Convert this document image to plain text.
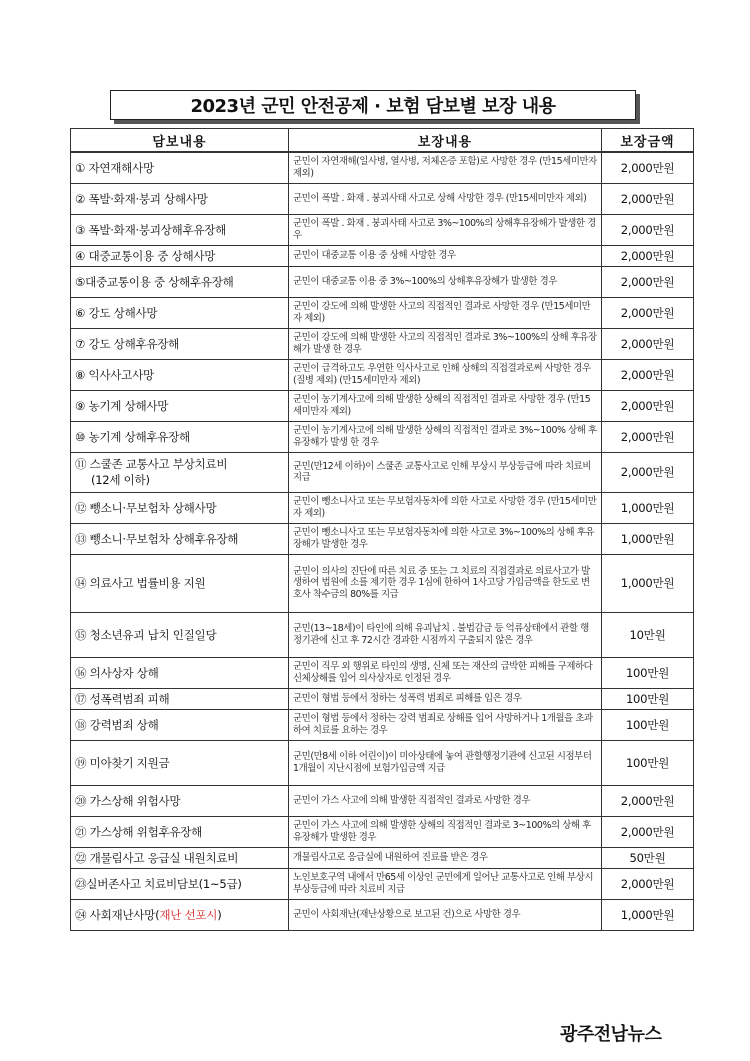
2023년 군민 안전공제 · 보험 담보별 보장 내용
담보내용	보장내용	보장금액
① 자연재해사망	군민이 자연재해(일사병, 열사병, 저체온증 포함)로 사망한 경우 (만15세미만자 제외)	2,000만원
② 폭발·화재·붕괴 상해사망	군민이 폭발 . 화재 . 붕괴사태 사고로 상해 사망한 경우 (만15세미만자 제외)	2,000만원
③ 폭발·화재·붕괴상해후유장해	군민이 폭발 . 화재 . 붕괴사태 사고로 3%~100%의 상해후유장해가 발생한 경우	2,000만원
④ 대중교통이용 중 상해사망	군민이 대중교통 이용 중 상해 사망한 경우	2,000만원
⑤대중교통이용 중 상해후유장해	군민이 대중교통 이용 중 3%~100%의 상해후유장해가 발생한 경우	2,000만원
⑥ 강도 상해사망	군민이 강도에 의해 발생한 사고의 직접적인 결과로 사망한 경우 (만15세미만자 제외)	2,000만원
⑦ 강도 상해후유장해	군민이 강도에 의해 발생한 사고의 직접적인 결과로 3%~100%의 상해 후유장해가 발생 한 경우	2,000만원
⑧ 익사사고사망	군민이 급격하고도 우연한 익사사고로 인해 상해의 직접결과로써 사망한 경우(질병 제외) (만15세미만자 제외)	2,000만원
⑨ 농기계 상해사망	군민이 농기계사고에 의해 발생한 상해의 직접적인 결과로 사망한 경우 (만15세미만자 제외)	2,000만원
⑩ 농기계 상해후유장해	군민이 농기계사고에 의해 발생한 상해의 직접적인 결과로 3%~100% 상해 후유장해가 발생 한 경우	2,000만원

⑪ 스쿨존 교통사고 부상치료비
(12세 이하)	군민(만12세 이하)이 스쿨존 교통사고로 인해 부상시 부상등급에 따라 치료비 지급	2,000만원
⑫ 뺑소니·무보험차 상해사망	군민이 뺑소니사고 또는 무보험자동차에 의한 사고로 사망한 경우 (만15세미만자 제외)	1,000만원
⑬ 뺑소니·무보험차 상해후유장해	군민이 뺑소니사고 또는 무보험자동차에 의한 사고로 3%~100%의 상해 후유장해가 발생한 경우	1,000만원
⑭ 의료사고 법률비용 지원	군민이 의사의 진단에 따른 치료 중 또는 그 치료의 직접결과로 의료사고가 발생하여 법원에 소를 제기한 경우 1심에 한하여 1사고당 가입금액을 한도로 변호사 착수금의 80%를 지급	1,000만원
⑮ 청소년유괴 납치 인질일당	군민(13~18세)이 타인에 의해 유괴납치 . 불법감금 등 억류상태에서 관할 행정기관에 신고 후 72시간 경과한 시점까지 구출되지 않은 경우	10만원
⑯ 의사상자 상해	군민이 직무 외 행위로 타인의 생명, 신체 또는 재산의 급박한 피해를 구제하다 신체상해를 입어 의사상자로 인정된 경우	100만원
⑰ 성폭력범죄 피해	군민이 형법 등에서 정하는 성폭력 범죄로 피해를 입은 경우	100만원
⑱ 강력범죄 상해	군민이 형법 등에서 정하는 강력 범죄로 상해를 입어 사망하거나 1개월을 초과하여 치료를 요하는 경우	100만원
⑲ 미아찾기 지원금	군민(만8세 이하 어린이)이 미아상태에 놓여 관할행정기관에 신고된 시점부터 1개월이 지난시점에 보험가입금액 지급	100만원
⑳ 가스상해 위험사망	군민이 가스 사고에 의해 발생한 직접적인 결과로 사망한 경우	2,000만원
㉑ 가스상해 위험후유장해	군민이 가스 사고에 의해 발생한 상해의 직접적인 결과로 3~100%의 상해 후유장해가 발생한 경우	2,000만원
㉒ 개물림사고 응급실 내원치료비	개물림사고로 응급실에 내원하여 진료를 받은 경우	50만원
㉓실버존사고 치료비담보(1~5급)	노인보호구역 내에서 만65세 이상인 군민에게 일어난 교통사고로 인해 부상시 부상등급에 따라 치료비 지급	2,000만원
㉔ 사회재난사망(재난 선포시)	군민이 사회재난(재난상황으로 보고된 건)으로 사망한 경우	1,000만원
광주전남뉴스
